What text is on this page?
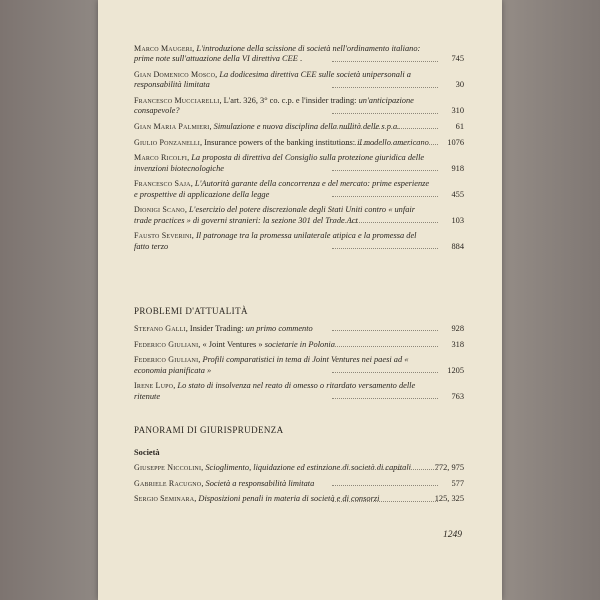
Marco Maugeri, L'introduzione della scissione di società nell'ordinamento italiano: prime note sull'attuazione della VI direttiva CEE .	745
Gian Domenico Mosco, La dodicesima direttiva CEE sulle società unipersonali a responsabilità limitata	30
Francesco Mucciarelli, L'art. 326, 3° co. c.p. e l'insider trading: un'anticipazione consapevole?	310
Gian Maria Palmieri, Simulazione e nuova disciplina della nullità delle s.p.a.	61
Giulio Ponzanelli, Insurance powers of the banking institutions: il modello americano 1076
Marco Ricolfi, La proposta di direttiva del Consiglio sulla protezione giuridica delle invenzioni biotecnologiche	918
Francesco Saja, L'Autorità garante della concorrenza e del mercato: prime esperienze e prospettive di applicazione della legge	455
Dionigi Scano, L'esercizio del potere discrezionale degli Stati Uniti contro « unfair trade practices » di governi stranieri: la sezione 301 del Trade Act	103
Fausto Severini, Il patronage tra la promessa unilaterale atipica e la promessa del fatto terzo	884
PROBLEMI D'ATTUALITÀ
Stefano Galli, Insider Trading: un primo commento	928
Federico Giuliani, « Joint Ventures » societarie in Polonia	318
Federico Giuliani, Profili comparatistici in tema di Joint Ventures nei paesi ad « economia pianificata »	1205
Irene Lupo, Lo stato di insolvenza nel reato di omesso o ritardato versamento delle ritenute	763
PANORAMI DI GIURISPRUDENZA
Società
Giuseppe Niccolini, Scioglimento, liquidazione ed estinzione di società di capitali	772, 975
Gabriele Racugno, Società a responsabilità limitata	577
Sergio Seminara, Disposizioni penali in materia di società e di consorzi	125, 325
1249
